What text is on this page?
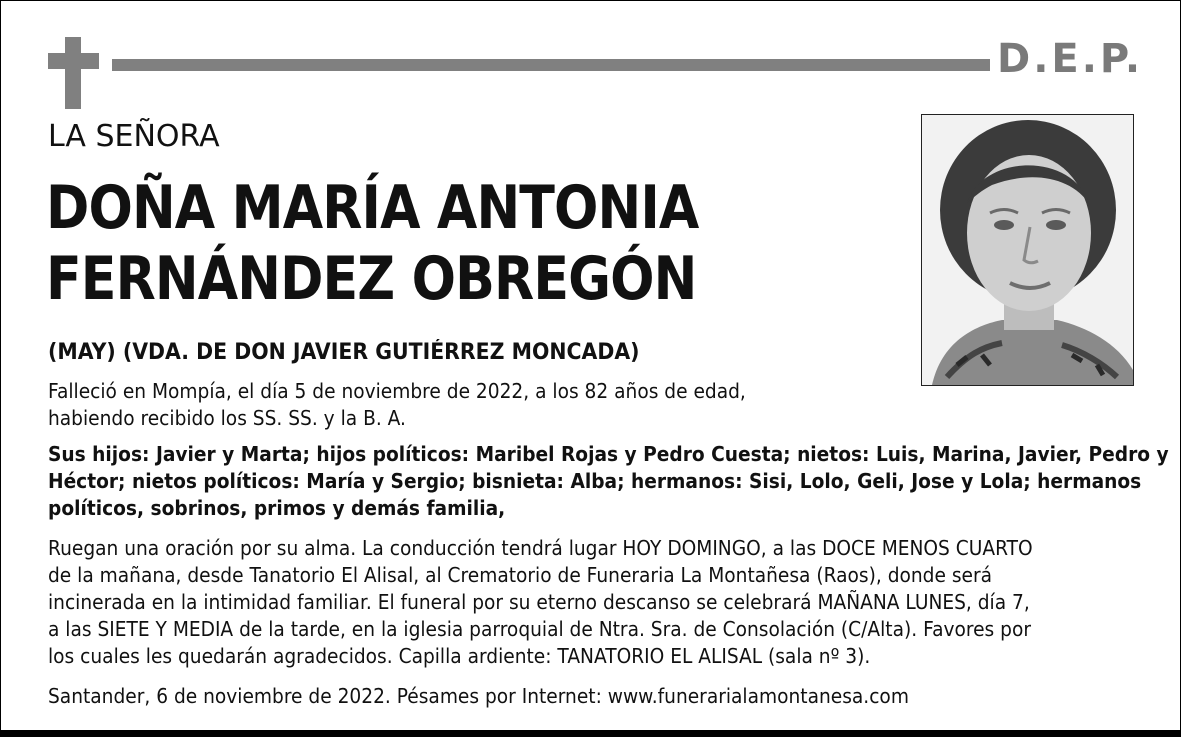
D.E.P.
LA SEÑORA
DOÑA MARÍA ANTONIA
FERNÁNDEZ OBREGÓN
(MAY) (VDA. DE DON JAVIER GUTIÉRREZ MONCADA)
Falleció en Mompía, el día 5 de noviembre de 2022, a los 82 años de edad,
habiendo recibido los SS. SS. y la B. A.
Sus hijos: Javier y Marta; hijos políticos: Maribel Rojas y Pedro Cuesta; nietos: Luis, Marina, Javier, Pedro y
Héctor; nietos políticos: María y Sergio; bisnieta: Alba; hermanos: Sisi, Lolo, Geli, Jose y Lola; hermanos
políticos, sobrinos, primos y demás familia,
Ruegan una oración por su alma. La conducción tendrá lugar HOY DOMINGO, a las DOCE MENOS CUARTO
de la mañana, desde Tanatorio El Alisal, al Crematorio de Funeraria La Montañesa (Raos), donde será
incinerada en la intimidad familiar. El funeral por su eterno descanso se celebrará MAÑANA LUNES, día 7,
a las SIETE Y MEDIA de la tarde, en la iglesia parroquial de Ntra. Sra. de Consolación (C/Alta). Favores por
los cuales les quedarán agradecidos. Capilla ardiente: TANATORIO EL ALISAL (sala nº 3).
Santander, 6 de noviembre de 2022. Pésames por Internet: www.funerarialamontanesa.com
